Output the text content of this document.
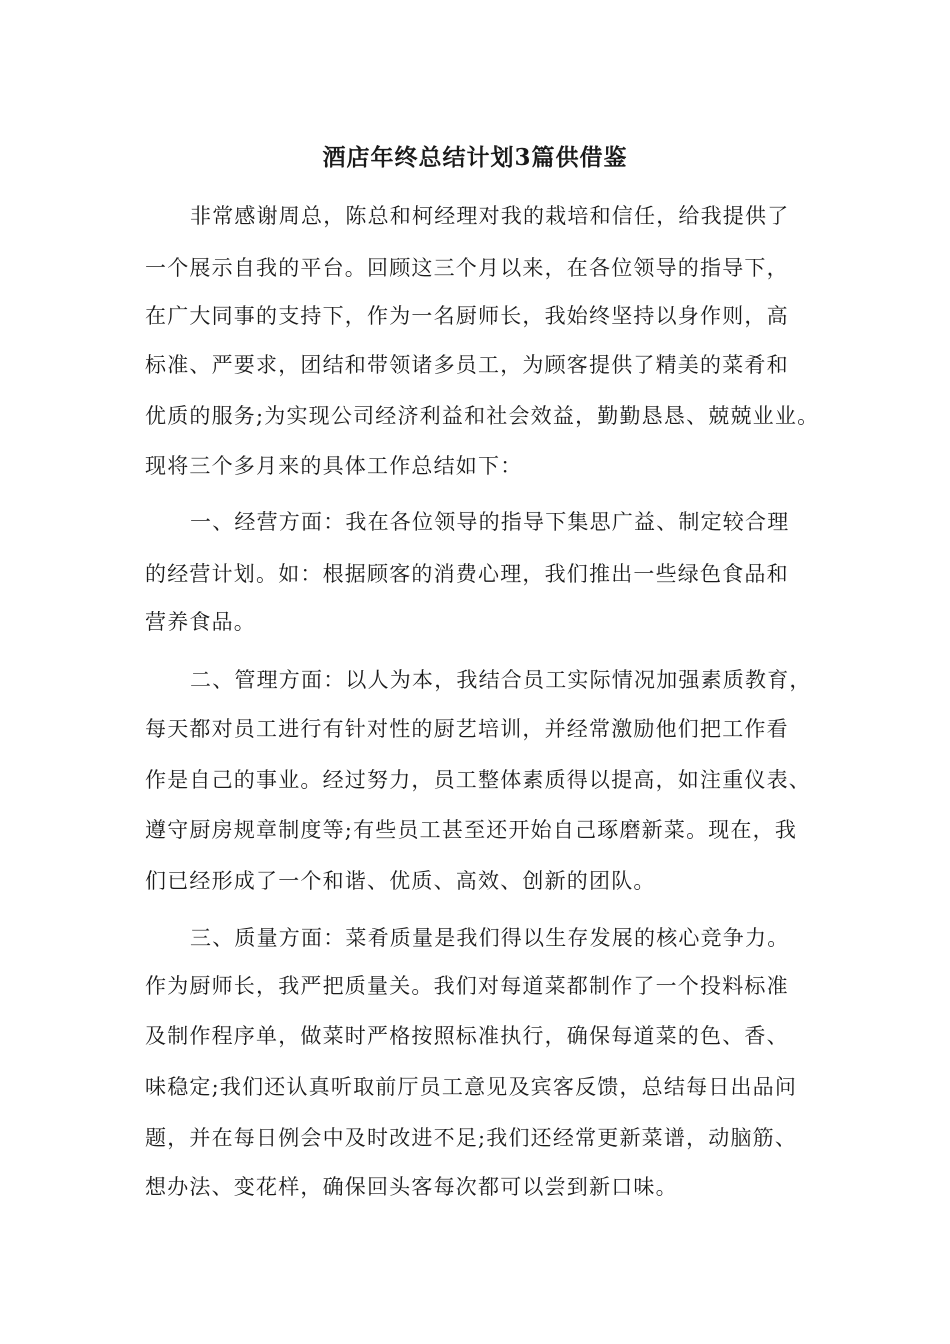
酒店年终总结计划3篇供借鉴
非常感谢周总，陈总和柯经理对我的栽培和信任，给我提供了
一个展示自我的平台。回顾这三个月以来，在各位领导的指导下，
在广大同事的支持下，作为一名厨师长，我始终坚持以身作则，高
标准、严要求，团结和带领诸多员工，为顾客提供了精美的菜肴和
优质的服务;为实现公司经济利益和社会效益，勤勤恳恳、兢兢业业。
现将三个多月来的具体工作总结如下：
一、经营方面：我在各位领导的指导下集思广益、制定较合理
的经营计划。如：根据顾客的消费心理，我们推出一些绿色食品和
营养食品。
二、管理方面：以人为本，我结合员工实际情况加强素质教育，
每天都对员工进行有针对性的厨艺培训，并经常激励他们把工作看
作是自己的事业。经过努力，员工整体素质得以提高，如注重仪表、
遵守厨房规章制度等;有些员工甚至还开始自己琢磨新菜。现在，我
们已经形成了一个和谐、优质、高效、创新的团队。
三、质量方面：菜肴质量是我们得以生存发展的核心竞争力。
作为厨师长，我严把质量关。我们对每道菜都制作了一个投料标准
及制作程序单，做菜时严格按照标准执行，确保每道菜的色、香、
味稳定;我们还认真听取前厅员工意见及宾客反馈，总结每日出品问
题，并在每日例会中及时改进不足;我们还经常更新菜谱，动脑筋、
想办法、变花样，确保回头客每次都可以尝到新口味。
